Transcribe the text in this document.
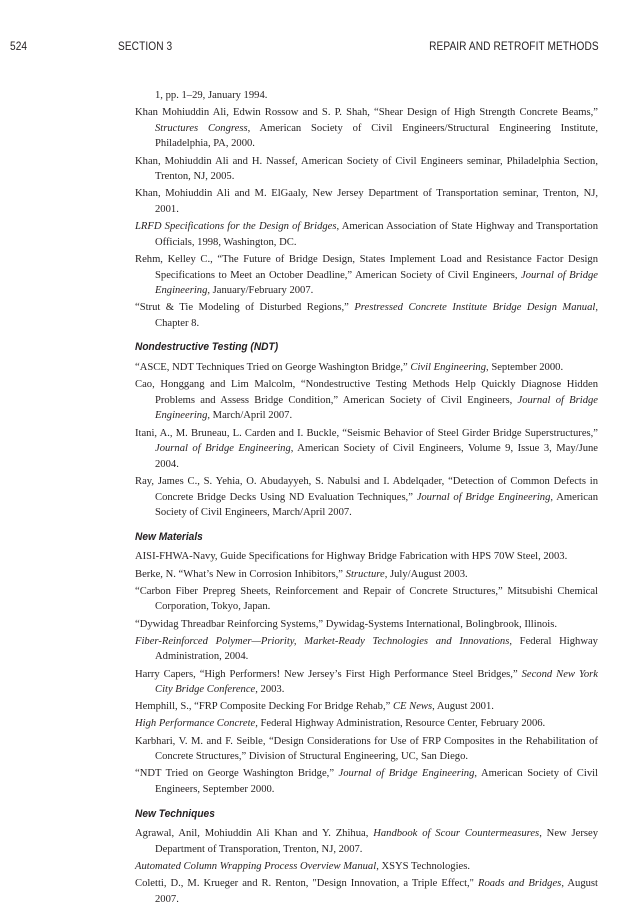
524	SECTION 3	REPAIR AND RETROFIT METHODS
1, pp. 1–29, January 1994.
Khan Mohiuddin Ali, Edwin Rossow and S. P. Shah, “Shear Design of High Strength Concrete Beams,” Structures Congress, American Society of Civil Engineers/Structural Engineering Institute, Philadelphia, PA, 2000.
Khan, Mohiuddin Ali and H. Nassef, American Society of Civil Engineers seminar, Philadelphia Section, Trenton, NJ, 2005.
Khan, Mohiuddin Ali and M. ElGaaly, New Jersey Department of Transportation seminar, Trenton, NJ, 2001.
LRFD Specifications for the Design of Bridges, American Association of State Highway and Transportation Officials, 1998, Washington, DC.
Rehm, Kelley C., “The Future of Bridge Design, States Implement Load and Resistance Factor Design Specifications to Meet an October Deadline,” American Society of Civil Engineers, Journal of Bridge Engineering, January/February 2007.
“Strut & Tie Modeling of Disturbed Regions,” Prestressed Concrete Institute Bridge Design Manual, Chapter 8.
Nondestructive Testing (NDT)
“ASCE, NDT Techniques Tried on George Washington Bridge,” Civil Engineering, September 2000.
Cao, Honggang and Lim Malcolm, “Nondestructive Testing Methods Help Quickly Diagnose Hidden Problems and Assess Bridge Condition,” American Society of Civil Engineers, Journal of Bridge Engineering, March/April 2007.
Itani, A., M. Bruneau, L. Carden and I. Buckle, “Seismic Behavior of Steel Girder Bridge Superstructures,” Journal of Bridge Engineering, American Society of Civil Engineers, Volume 9, Issue 3, May/June 2004.
Ray, James C., S. Yehia, O. Abudayyeh, S. Nabulsi and I. Abdelqader, “Detection of Common Defects in Concrete Bridge Decks Using ND Evaluation Techniques,” Journal of Bridge Engineering, American Society of Civil Engineers, March/April 2007.
New Materials
AISI-FHWA-Navy, Guide Specifications for Highway Bridge Fabrication with HPS 70W Steel, 2003.
Berke, N. “What’s New in Corrosion Inhibitors,” Structure, July/August 2003.
“Carbon Fiber Prepreg Sheets, Reinforcement and Repair of Concrete Structures,” Mitsubishi Chemical Corporation, Tokyo, Japan.
“Dywidag Threadbar Reinforcing Systems,” Dywidag-Systems International, Bolingbrook, Illinois.
Fiber-Reinforced Polymer—Priority, Market-Ready Technologies and Innovations, Federal Highway Administration, 2004.
Harry Capers, “High Performers! New Jersey’s First High Performance Steel Bridges,” Second New York City Bridge Conference, 2003.
Hemphill, S., “FRP Composite Decking For Bridge Rehab,” CE News, August 2001.
High Performance Concrete, Federal Highway Administration, Resource Center, February 2006.
Karbhari, V. M. and F. Seible, “Design Considerations for Use of FRP Composites in the Rehabilitation of Concrete Structures,” Division of Structural Engineering, UC, San Diego.
“NDT Tried on George Washington Bridge,” Journal of Bridge Engineering, American Society of Civil Engineers, September 2000.
New Techniques
Agrawal, Anil, Mohiuddin Ali Khan and Y. Zhihua, Handbook of Scour Countermeasures, New Jersey Department of Transporation, Trenton, NJ, 2007.
Automated Column Wrapping Process Overview Manual, XSYS Technologies.
Coletti, D., M. Krueger and R. Renton, "Design Innovation, a Triple Effect," Roads and Bridges, August 2007.
